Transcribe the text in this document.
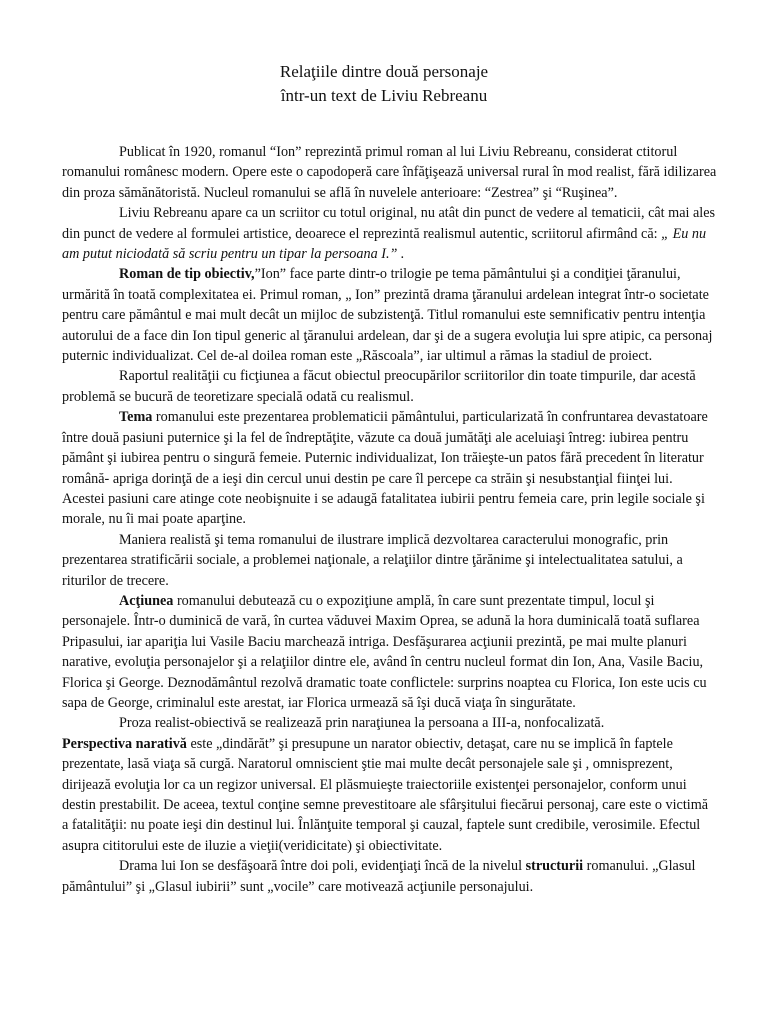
Relaţiile dintre două personaje
într-un text de Liviu Rebreanu

Publicat în 1920, romanul “Ion” reprezintă primul roman al lui Liviu Rebreanu, considerat ctitorul romanului românesc modern. Opere este o capodoperă care înfăţişează universal rural în mod realist, fără idilizarea din proza sămănătoristă. Nucleul romanului se află în nuvelele anterioare: “Zestrea” şi “Ruşinea”.

Liviu Rebreanu apare ca un scriitor cu totul original, nu atât din punct de vedere al tematicii, cât mai ales din punct de vedere al formulei artistice, deoarece el reprezintă realismul autentic, scriitorul afirmând că: „ Eu nu am putut niciodată să scriu pentru un tipar la persoana I.” .

Roman de tip obiectiv,”Ion” face parte dintr-o trilogie pe tema pământului şi a condiţiei ţăranului, urmărită în toată complexitatea ei. Primul roman, „ Ion” prezintă drama ţăranului ardelean integrat într-o societate pentru care pământul e mai mult decât un mijloc de subzistenţă. Titlul romanului este semnificativ pentru intenţia autorului de a face din Ion tipul generic al ţăranului ardelean, dar şi de a sugera evoluţia lui spre atipic, ca personaj puternic individualizat. Cel de-al doilea roman este „Răscoala”, iar ultimul a rămas la stadiul de proiect.

Raportul realităţii cu ficţiunea a făcut obiectul preocupărilor scriitorilor din toate timpurile, dar acestă problemă se bucură de teoretizare specială odată cu realismul.

Tema romanului este prezentarea problematicii pământului, particularizată în confruntarea devastatoare între două pasiuni puternice şi la fel de îndreptăţite, văzute ca două jumătăţi ale aceluiaşi întreg: iubirea pentru pământ şi iubirea pentru o singură femeie. Puternic individualizat, Ion trăieşte-un patos fără precedent în literatur română- aprigа dorinţă de a ieşi din cercul unui destin pe care îl percepe ca străin şi nesubstanţial fiinţei lui. Acestei pasiuni care atinge cote neobişnuite i se adaugă fatalitatea iubirii pentru femeia care, prin legile sociale şi morale, nu îi mai poate aparţine.

Maniera realistă şi tema romanului de ilustrare implică dezvoltarea caracterului monografic, prin prezentarea stratificării sociale, a problemei naţionale, a relaţiilor dintre ţărănime şi intelectualitatea satului, a riturilor de trecere.

Acţiunea romanului debutează cu o expoziţiune amplă, în care sunt prezentate timpul, locul şi personajele. Într-o duminică de vară, în curtea văduvei Maxim Oprea, se adună la hora duminicală toată suflarea Pripasului, iar apariţia lui Vasile Baciu marchează intriga. Desfăşurarea acţiunii prezintă, pe mai multe planuri narative, evoluţia personajelor şi a relaţiilor dintre ele, având în centru nucleul format din Ion, Ana, Vasile Baciu, Florica şi George. Deznodământul rezolvă dramatic toate conflictele: surprins noaptea cu Florica, Ion este ucis cu sapa de George, criminalul este arestat, iar Florica urmează să îşi ducă viaţa în singurătate.

Proza realist-obiectivă se realizează prin naraţiunea la persoana a III-a, nonfocalizată.

Perspectiva narativă este „dindărăt” şi presupune un narator obiectiv, detaşat, care nu se implică în faptele prezentate, lasă viaţa să curgă. Naratorul omniscient ştie mai multe decât personajele sale şi , omnisprezent, dirijează evoluţia lor ca un regizor universal. El plăsmuieşte traiectoriile existenţei personajelor, conform unui destin prestabilit. De aceea, textul conţine semne prevestitoare ale sfârşitului fiecărui personaj, care este o victimă a fatalităţii: nu poate ieşi din destinul lui. Înlănţuite temporal şi cauzal, faptele sunt credibile, verosimile. Efectul asupra cititorului este de iluzie a vieţii(veridicitate) şi obiectivitate.

Drama lui Ion se desfăşoară între doi poli, evidenţiaţi încă de la nivelul structurii romanului. „Glasul pământului” şi „Glasul iubirii” sunt „vocile” care motivează acţiunile personajului.
